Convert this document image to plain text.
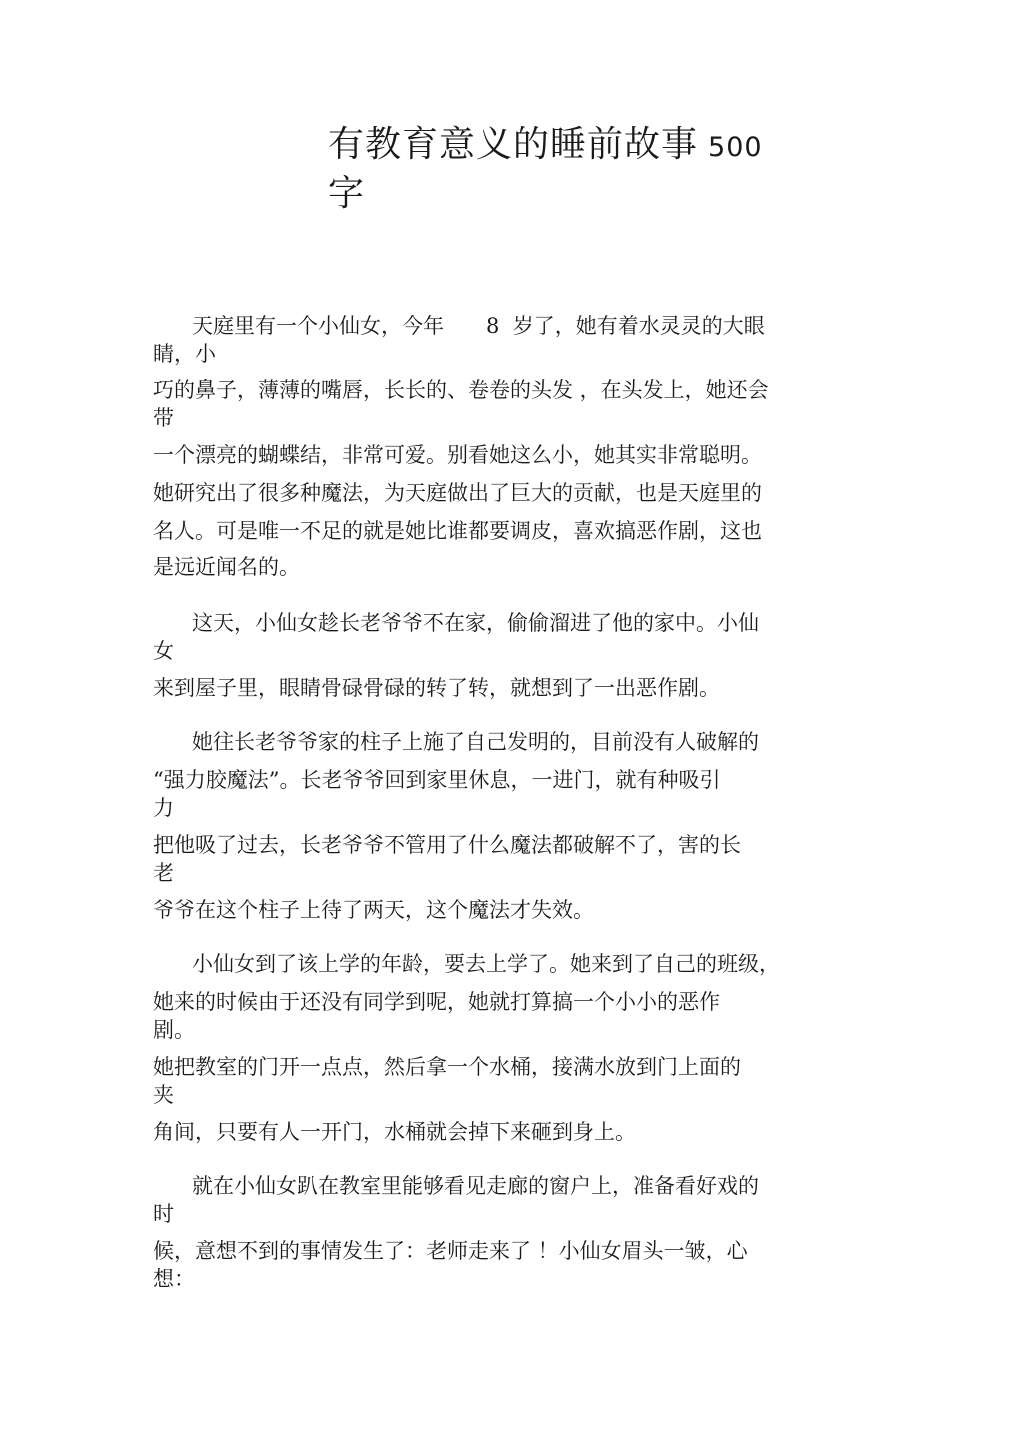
有教育意义的睡前故事 500
字

天庭里有一个小仙女，今年　　8  岁了，她有着水灵灵的大眼

睛，小

巧的鼻子，薄薄的嘴唇，长长的、卷卷的头发 ，在头发上，她还会

带

一个漂亮的蝴蝶结，非常可爱。别看她这么小，她其实非常聪明。

她研究出了很多种魔法，为天庭做出了巨大的贡献，也是天庭里的

名人。可是唯一不足的就是她比谁都要调皮，喜欢搞恶作剧，这也

是远近闻名的。

这天，小仙女趁长老爷爷不在家，偷偷溜进了他的家中。小仙

女

来到屋子里，眼睛骨碌骨碌的转了转，就想到了一出恶作剧。

她往长老爷爷家的柱子上施了自己发明的，目前没有人破解的

“强力胶魔法”。长老爷爷回到家里休息，一进门，就有种吸引

力

把他吸了过去，长老爷爷不管用了什么魔法都破解不了，害的长

老

爷爷在这个柱子上待了两天，这个魔法才失效。

小仙女到了该上学的年龄，要去上学了。她来到了自己的班级，

她来的时候由于还没有同学到呢，她就打算搞一个小小的恶作

剧。

她把教室的门开一点点，然后拿一个水桶，接满水放到门上面的

夹

角间，只要有人一开门，水桶就会掉下来砸到身上。

就在小仙女趴在教室里能够看见走廊的窗户上，准备看好戏的

时

候，意想不到的事情发生了：老师走来了 ！小仙女眉头一皱，心

想：
